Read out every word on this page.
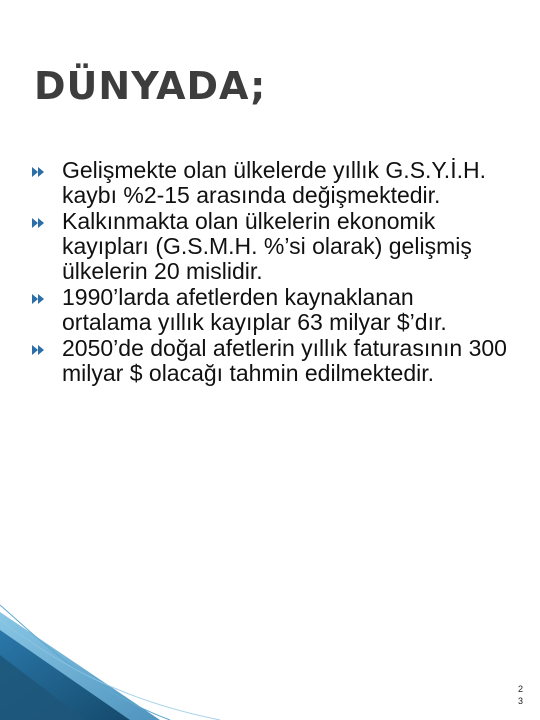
DÜNYADA;
Gelişmekte olan ülkelerde yıllık G.S.Y.İ.H. kaybı %2-15 arasında değişmektedir.
Kalkınmakta olan ülkelerin ekonomik kayıpları (G.S.M.H. %’si olarak) gelişmiş ülkelerin 20 mislidir.
1990’larda afetlerden kaynaklanan ortalama yıllık kayıplar 63 milyar $’dır.
2050’de doğal afetlerin yıllık faturasının 300 milyar $ olacağı tahmin edilmektedir.
2
3
